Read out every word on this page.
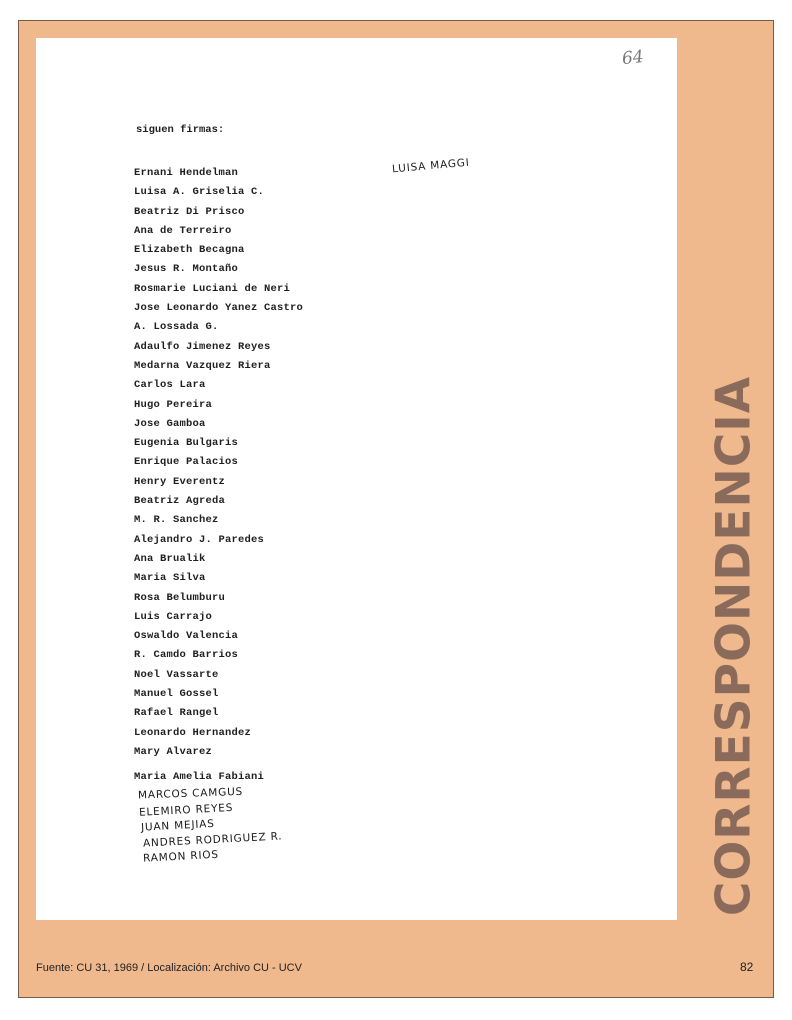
64
siguen firmas:
Ernani Hendelman
Luisa A. Griselia C.
Beatriz Di Prisco
Ana de Terreiro
Elizabeth Becagna
Jesus R. Montaño
Rosmarie Luciani de Neri
Jose Leonardo Yanez Castro
A. Lossada G.
Adaulfo Jimenez Reyes
Medarna Vazquez Riera
Carlos Lara
Hugo Pereira
Jose Gamboa
Eugenia Bulgaris
Enrique Palacios
Henry Everentz
Beatriz Agreda
M. R. Sanchez
Alejandro J. Paredes
Ana Brualik
Maria Silva
Rosa Belumburu
Luis Carrajo
Oswaldo Valencia
R. Camdo Barrios
Noel Vassarte
Manuel Gossel
Rafael Rangel
Leonardo Hernandez
Mary Alvarez
Maria Amelia Fabiani
LUISA MAGGI
MARCOS CAMGUS
ELEMIRO REYES
JUAN MEJIAS
ANDRES RODRIGUEZ R.
RAMON RIOS	CORRESPONDENCIA
Fuente: CU 31, 1969 / Localización: Archivo CU - UCV	82
